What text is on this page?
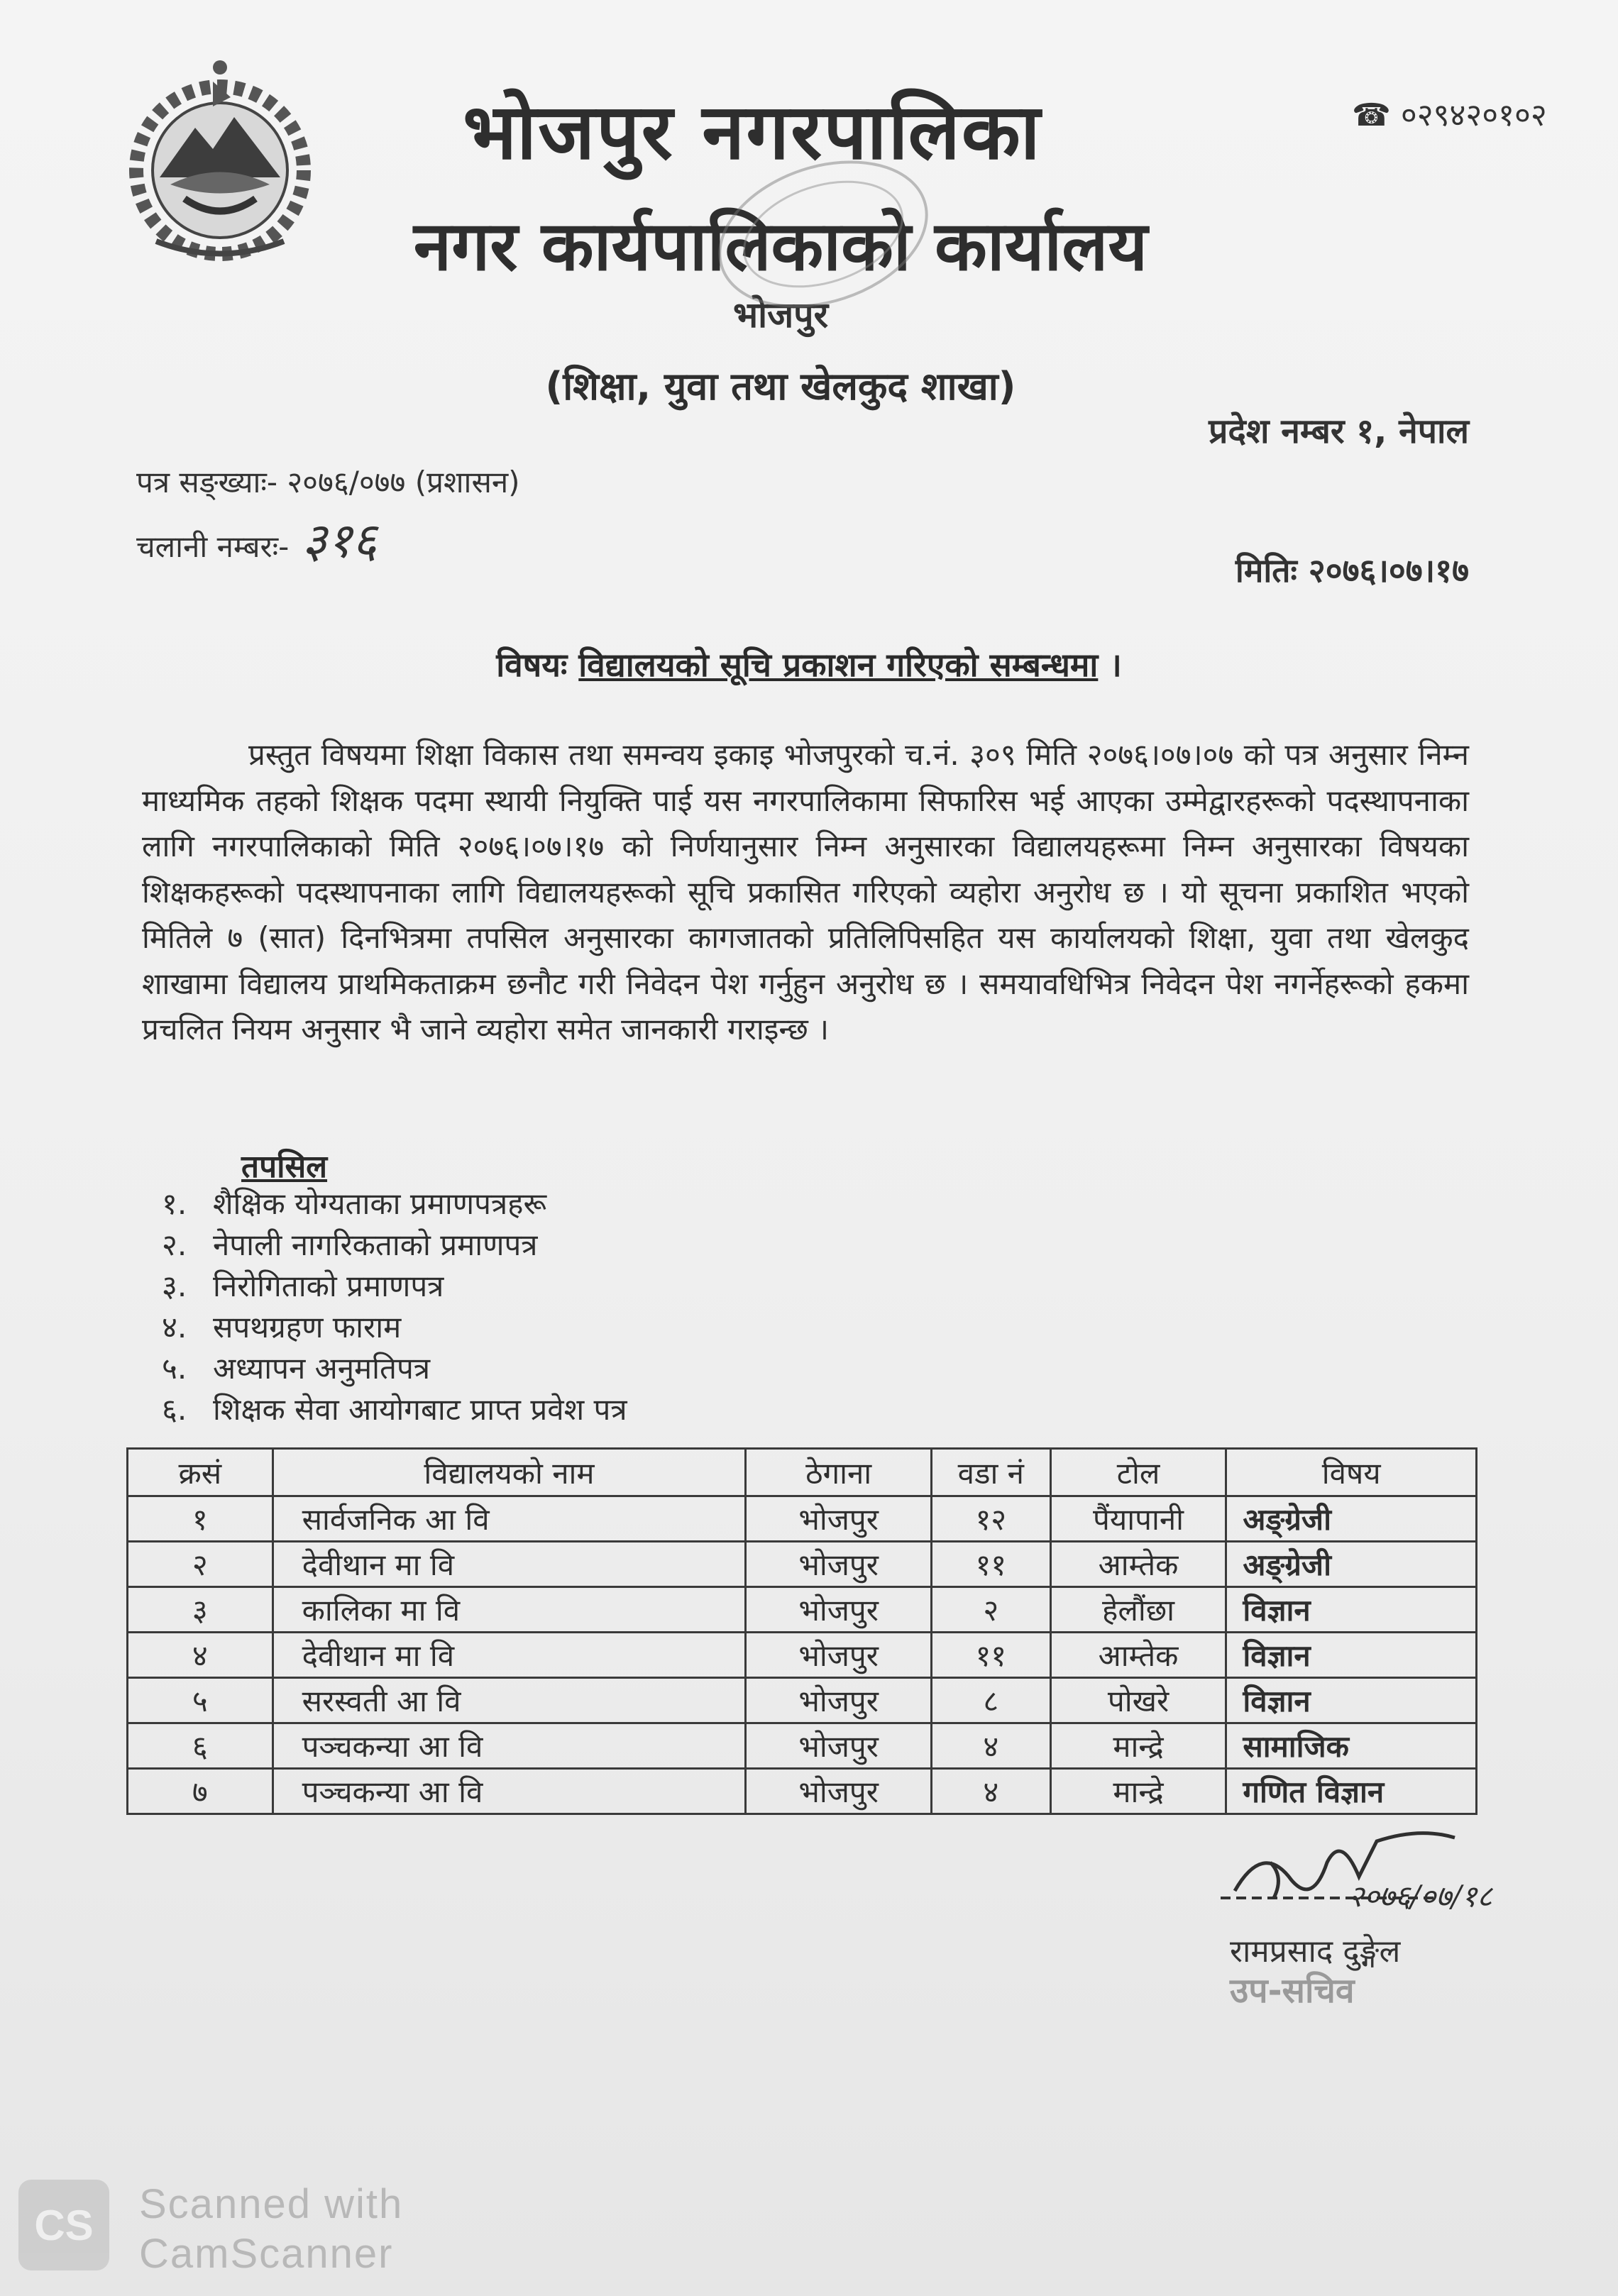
☎ ०२९४२०१०२
भोजपुर नगरपालिका
नगर कार्यपालिकाको कार्यालय
भोजपुर
(शिक्षा, युवा तथा खेलकुद शाखा)
प्रदेश नम्बर १, नेपाल
पत्र सङ्ख्याः- २०७६/०७७ (प्रशासन)
चलानी नम्बरः- ३१६
मितिः २०७६।०७।१७
विषयः विद्यालयको सूचि प्रकाशन गरिएको सम्बन्धमा ।
प्रस्तुत विषयमा शिक्षा विकास तथा समन्वय इकाइ भोजपुरको च.नं. ३०९ मिति २०७६।०७।०७ को पत्र अनुसार निम्न माध्यमिक तहको शिक्षक पदमा स्थायी नियुक्ति पाई यस नगरपालिकामा सिफारिस भई आएका उम्मेद्वारहरूको पदस्थापनाका लागि नगरपालिकाको मिति २०७६।०७।१७ को निर्णयानुसार निम्न अनुसारका विद्यालयहरूमा निम्न अनुसारका विषयका शिक्षकहरूको पदस्थापनाका लागि विद्यालयहरूको सूचि प्रकासित गरिएको व्यहोरा अनुरोध छ । यो सूचना प्रकाशित भएको मितिले ७ (सात) दिनभित्रमा तपसिल अनुसारका कागजातको प्रतिलिपिसहित यस कार्यालयको शिक्षा, युवा तथा खेलकुद शाखामा विद्यालय प्राथमिकताक्रम छनौट गरी निवेदन पेश गर्नुहुन अनुरोध छ । समयावधिभित्र निवेदन पेश नगर्नेहरूको हकमा प्रचलित नियम अनुसार भै जाने व्यहोरा समेत जानकारी गराइन्छ ।
तपसिल
१. शैक्षिक योग्यताका प्रमाणपत्रहरू
२. नेपाली नागरिकताको प्रमाणपत्र
३. निरोगिताको प्रमाणपत्र
४. सपथग्रहण फाराम
५. अध्यापन अनुमतिपत्र
६. शिक्षक सेवा आयोगबाट प्राप्त प्रवेश पत्र
क्रसं	विद्यालयको नाम	ठेगाना	वडा नं	टोल	विषय
१	सार्वजनिक आ वि	भोजपुर	१२	पैंयापानी	अङ्ग्रेजी
२	देवीथान मा वि	भोजपुर	११	आम्तेक	अङ्ग्रेजी
३	कालिका मा वि	भोजपुर	२	हेलौंछा	विज्ञान
४	देवीथान मा वि	भोजपुर	११	आम्तेक	विज्ञान
५	सरस्वती आ वि	भोजपुर	८	पोखरे	विज्ञान
६	पञ्चकन्या आ वि	भोजपुर	४	मान्द्रे	सामाजिक
७	पञ्चकन्या आ वि	भोजपुर	४	मान्द्रे	गणित विज्ञान
२०७६/०७/१८
रामप्रसाद दुङ्गेल
उप-सचिव
CS	Scanned with
CamScanner
